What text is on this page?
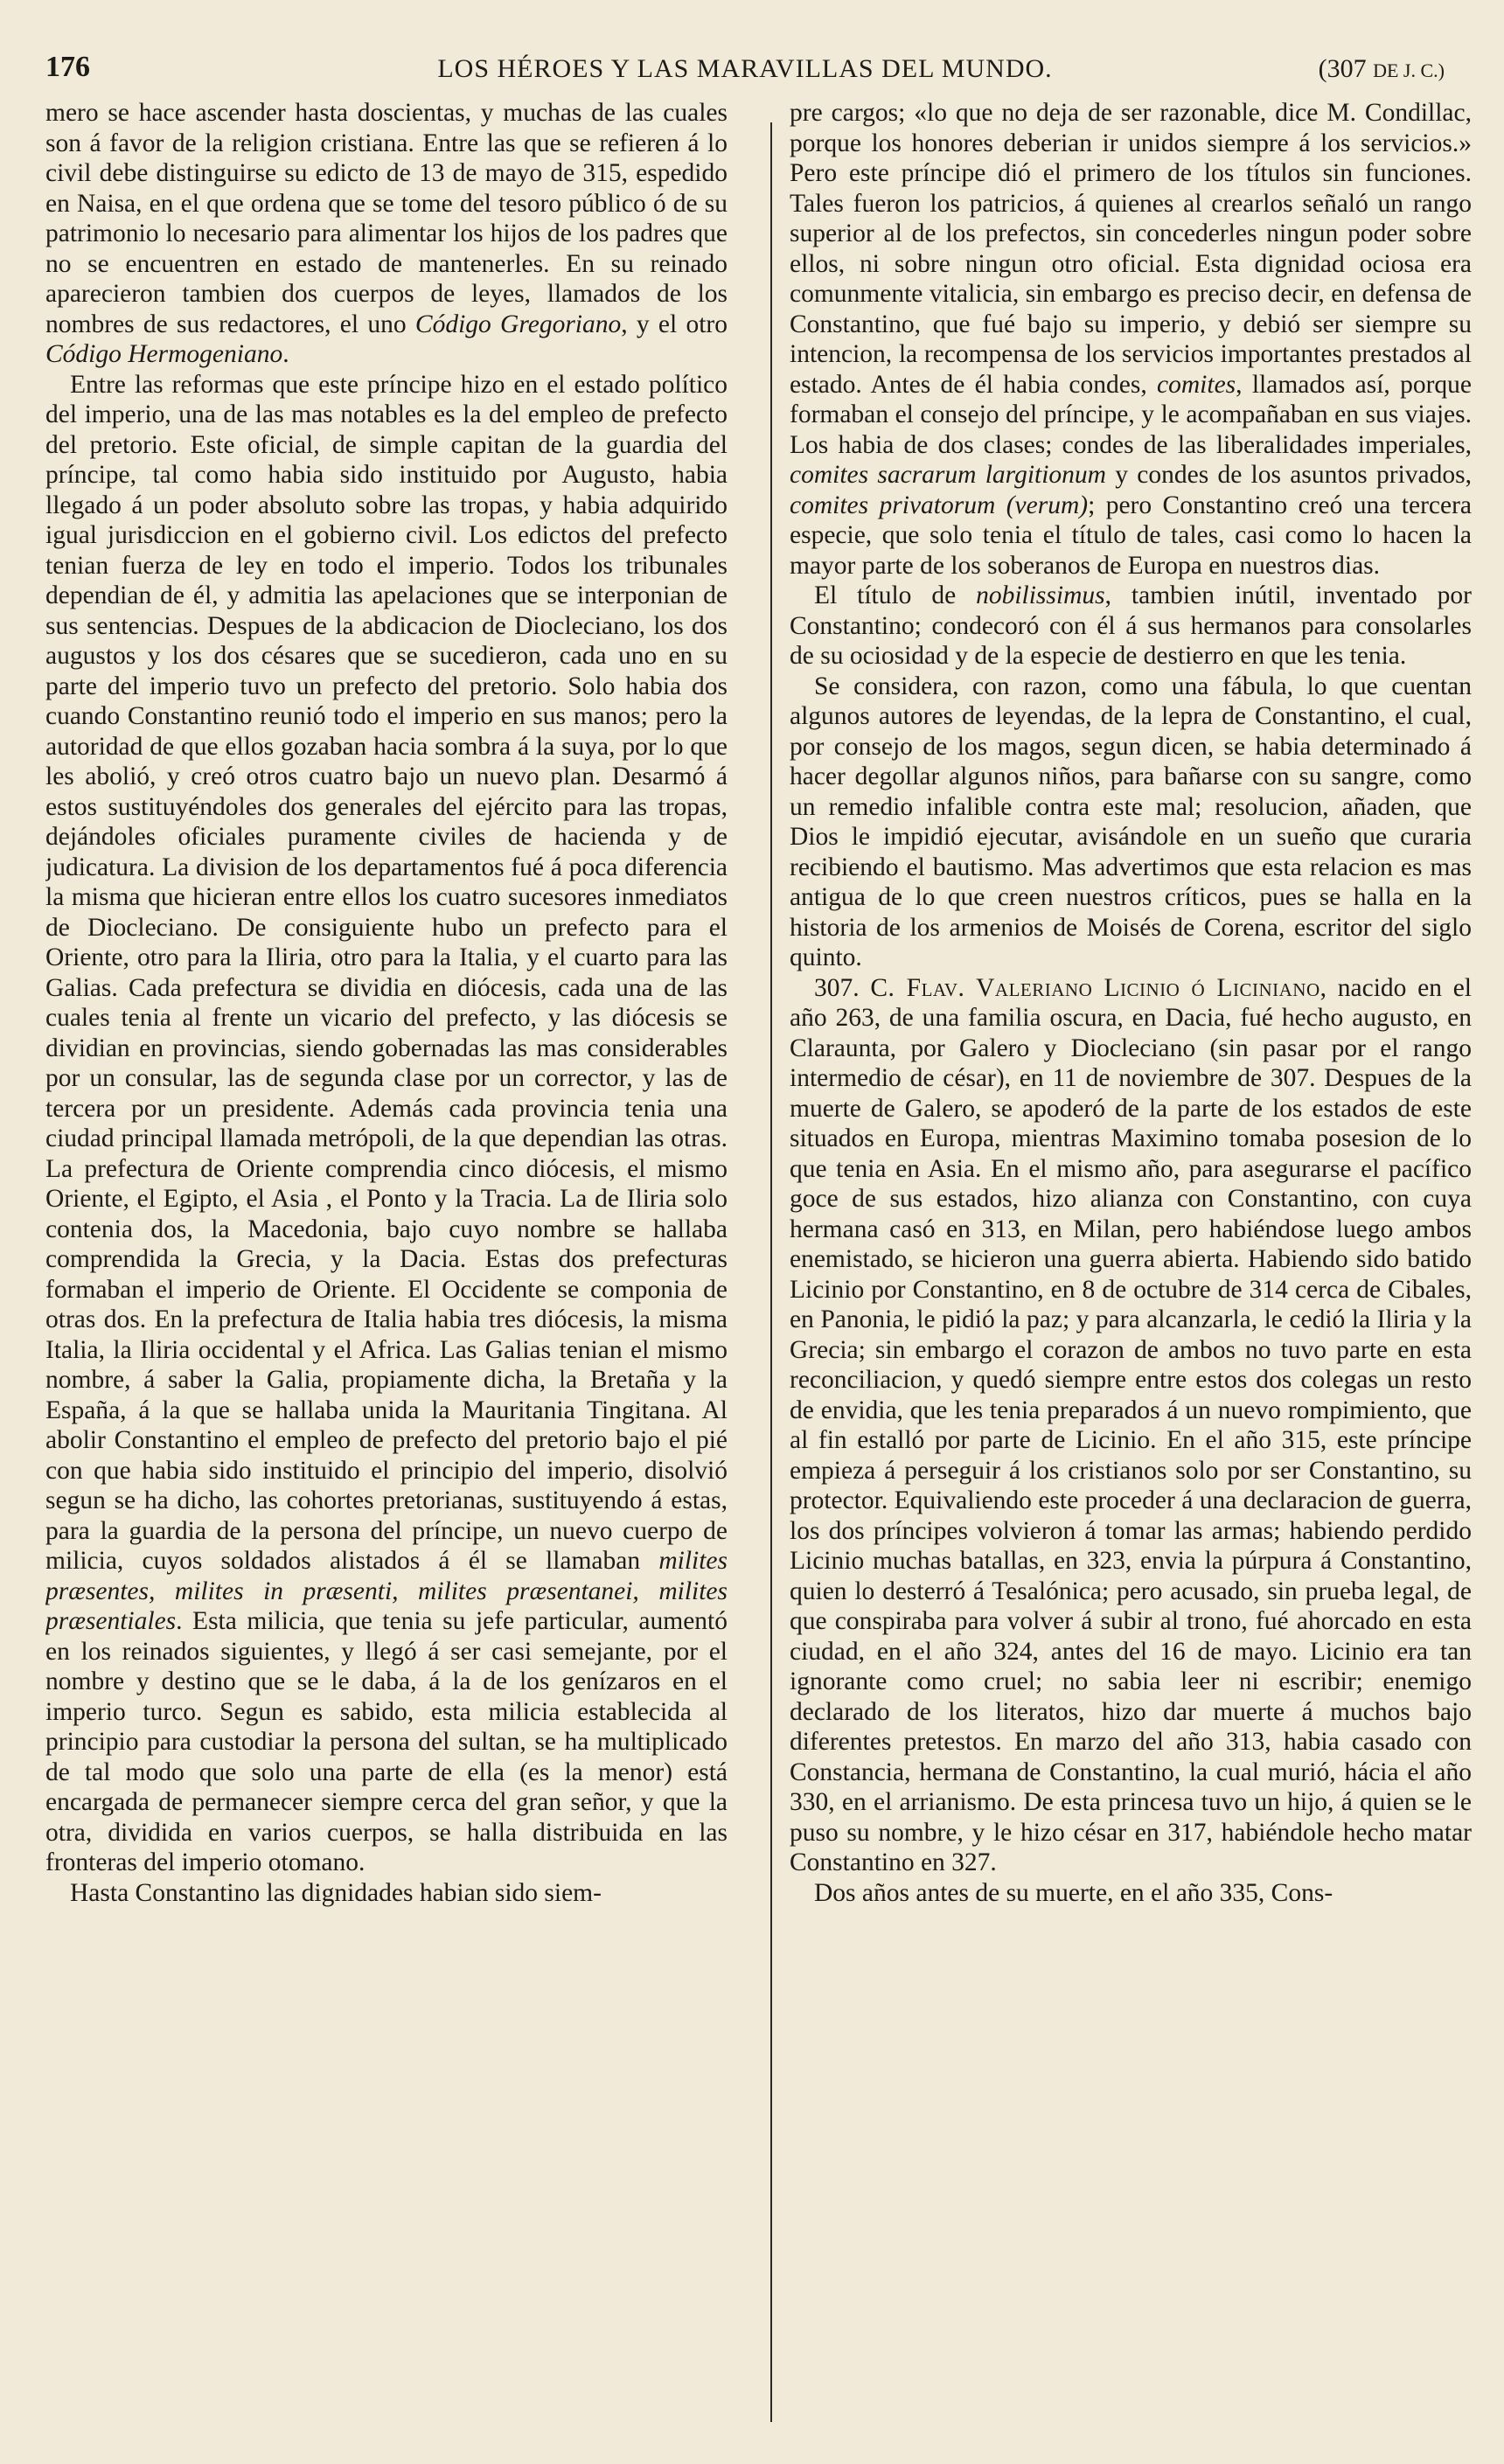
176	LOS HÉROES Y LAS MARAVILLAS DEL MUNDO.	(307 DE J. C.)

mero se hace ascender hasta doscientas, y muchas de las cuales son á favor de la religion cristiana. Entre las que se refieren á lo civil debe distinguirse su edicto de 13 de mayo de 315, espedido en Naisa, en el que ordena que se tome del tesoro público ó de su patrimonio lo necesario para alimentar los hijos de los padres que no se encuentren en estado de mantenerles. En su reinado aparecieron tambien dos cuerpos de leyes, llamados de los nombres de sus redactores, el uno Código Gregoriano, y el otro Código Hermogeniano.

Entre las reformas que este príncipe hizo en el estado político del imperio, una de las mas notables es la del empleo de prefecto del pretorio. Este oficial, de simple capitan de la guardia del príncipe, tal como habia sido instituido por Augusto, habia llegado á un poder absoluto sobre las tropas, y habia adquirido igual jurisdiccion en el gobierno civil. Los edictos del prefecto tenian fuerza de ley en todo el imperio. Todos los tribunales dependian de él, y admitia las apelaciones que se interponian de sus sentencias. Despues de la abdicacion de Diocleciano, los dos augustos y los dos césares que se sucedieron, cada uno en su parte del imperio tuvo un prefecto del pretorio. Solo habia dos cuando Constantino reunió todo el imperio en sus manos; pero la autoridad de que ellos gozaban hacia sombra á la suya, por lo que les abolió, y creó otros cuatro bajo un nuevo plan. Desarmó á estos sustituyéndoles dos generales del ejército para las tropas, dejándoles oficiales puramente civiles de hacienda y de judicatura. La division de los departamentos fué á poca diferencia la misma que hicieran entre ellos los cuatro sucesores inmediatos de Diocleciano. De consiguiente hubo un prefecto para el Oriente, otro para la Iliria, otro para la Italia, y el cuarto para las Galias. Cada prefectura se dividia en diócesis, cada una de las cuales tenia al frente un vicario del prefecto, y las diócesis se dividian en provincias, siendo gobernadas las mas considerables por un consular, las de segunda clase por un corrector, y las de tercera por un presidente. Además cada provincia tenia una ciudad principal llamada metrópoli, de la que dependian las otras. La prefectura de Oriente comprendia cinco diócesis, el mismo Oriente, el Egipto, el Asia , el Ponto y la Tracia. La de Iliria solo contenia dos, la Macedonia, bajo cuyo nombre se hallaba comprendida la Grecia, y la Dacia. Estas dos prefecturas formaban el imperio de Oriente. El Occidente se componia de otras dos. En la prefectura de Italia habia tres diócesis, la misma Italia, la Iliria occidental y el Africa. Las Galias tenian el mismo nombre, á saber la Galia, propiamente dicha, la Bretaña y la España, á la que se hallaba unida la Mauritania Tingitana. Al abolir Constantino el empleo de prefecto del pretorio bajo el pié con que habia sido instituido el principio del imperio, disolvió segun se ha dicho, las cohortes pretorianas, sustituyendo á estas, para la guardia de la persona del príncipe, un nuevo cuerpo de milicia, cuyos soldados alistados á él se llamaban milites præsentes, milites in præsenti, milites præsentanei, milites præsentiales. Esta milicia, que tenia su jefe particular, aumentó en los reinados siguientes, y llegó á ser casi semejante, por el nombre y destino que se le daba, á la de los genízaros en el imperio turco. Segun es sabido, esta milicia establecida al principio para custodiar la persona del sultan, se ha multiplicado de tal modo que solo una parte de ella (es la menor) está encargada de permanecer siempre cerca del gran señor, y que la otra, dividida en varios cuerpos, se halla distribuida en las fronteras del imperio otomano.

Hasta Constantino las dignidades habian sido siem-

pre cargos; «lo que no deja de ser razonable, dice M. Condillac, porque los honores deberian ir unidos siempre á los servicios.» Pero este príncipe dió el primero de los títulos sin funciones. Tales fueron los patricios, á quienes al crearlos señaló un rango superior al de los prefectos, sin concederles ningun poder sobre ellos, ni sobre ningun otro oficial. Esta dignidad ociosa era comunmente vitalicia, sin embargo es preciso decir, en defensa de Constantino, que fué bajo su imperio, y debió ser siempre su intencion, la recompensa de los servicios importantes prestados al estado. Antes de él habia condes, comites, llamados así, porque formaban el consejo del príncipe, y le acompañaban en sus viajes. Los habia de dos clases; condes de las liberalidades imperiales, comites sacrarum largitionum y condes de los asuntos privados, comites privatorum (verum); pero Constantino creó una tercera especie, que solo tenia el título de tales, casi como lo hacen la mayor parte de los soberanos de Europa en nuestros dias.

El título de nobilissimus, tambien inútil, inventado por Constantino; condecoró con él á sus hermanos para consolarles de su ociosidad y de la especie de destierro en que les tenia.

Se considera, con razon, como una fábula, lo que cuentan algunos autores de leyendas, de la lepra de Constantino, el cual, por consejo de los magos, segun dicen, se habia determinado á hacer degollar algunos niños, para bañarse con su sangre, como un remedio infalible contra este mal; resolucion, añaden, que Dios le impidió ejecutar, avisándole en un sueño que curaria recibiendo el bautismo. Mas advertimos que esta relacion es mas antigua de lo que creen nuestros críticos, pues se halla en la historia de los armenios de Moisés de Corena, escritor del siglo quinto.

307. C. Flav. Valeriano Licinio ó Liciniano, nacido en el año 263, de una familia oscura, en Dacia, fué hecho augusto, en Claraunta, por Galero y Diocleciano (sin pasar por el rango intermedio de césar), en 11 de noviembre de 307. Despues de la muerte de Galero, se apoderó de la parte de los estados de este situados en Europa, mientras Maximino tomaba posesion de lo que tenia en Asia. En el mismo año, para asegurarse el pacífico goce de sus estados, hizo alianza con Constantino, con cuya hermana casó en 313, en Milan, pero habiéndose luego ambos enemistado, se hicieron una guerra abierta. Habiendo sido batido Licinio por Constantino, en 8 de octubre de 314 cerca de Cibales, en Panonia, le pidió la paz; y para alcanzarla, le cedió la Iliria y la Grecia; sin embargo el corazon de ambos no tuvo parte en esta reconciliacion, y quedó siempre entre estos dos colegas un resto de envidia, que les tenia preparados á un nuevo rompimiento, que al fin estalló por parte de Licinio. En el año 315, este príncipe empieza á perseguir á los cristianos solo por ser Constantino, su protector. Equivaliendo este proceder á una declaracion de guerra, los dos príncipes volvieron á tomar las armas; habiendo perdido Licinio muchas batallas, en 323, envia la púrpura á Constantino, quien lo desterró á Tesalónica; pero acusado, sin prueba legal, de que conspiraba para volver á subir al trono, fué ahorcado en esta ciudad, en el año 324, antes del 16 de mayo. Licinio era tan ignorante como cruel; no sabia leer ni escribir; enemigo declarado de los literatos, hizo dar muerte á muchos bajo diferentes pretestos. En marzo del año 313, habia casado con Constancia, hermana de Constantino, la cual murió, hácia el año 330, en el arrianismo. De esta princesa tuvo un hijo, á quien se le puso su nombre, y le hizo césar en 317, habiéndole hecho matar Constantino en 327.

Dos años antes de su muerte, en el año 335, Cons-
